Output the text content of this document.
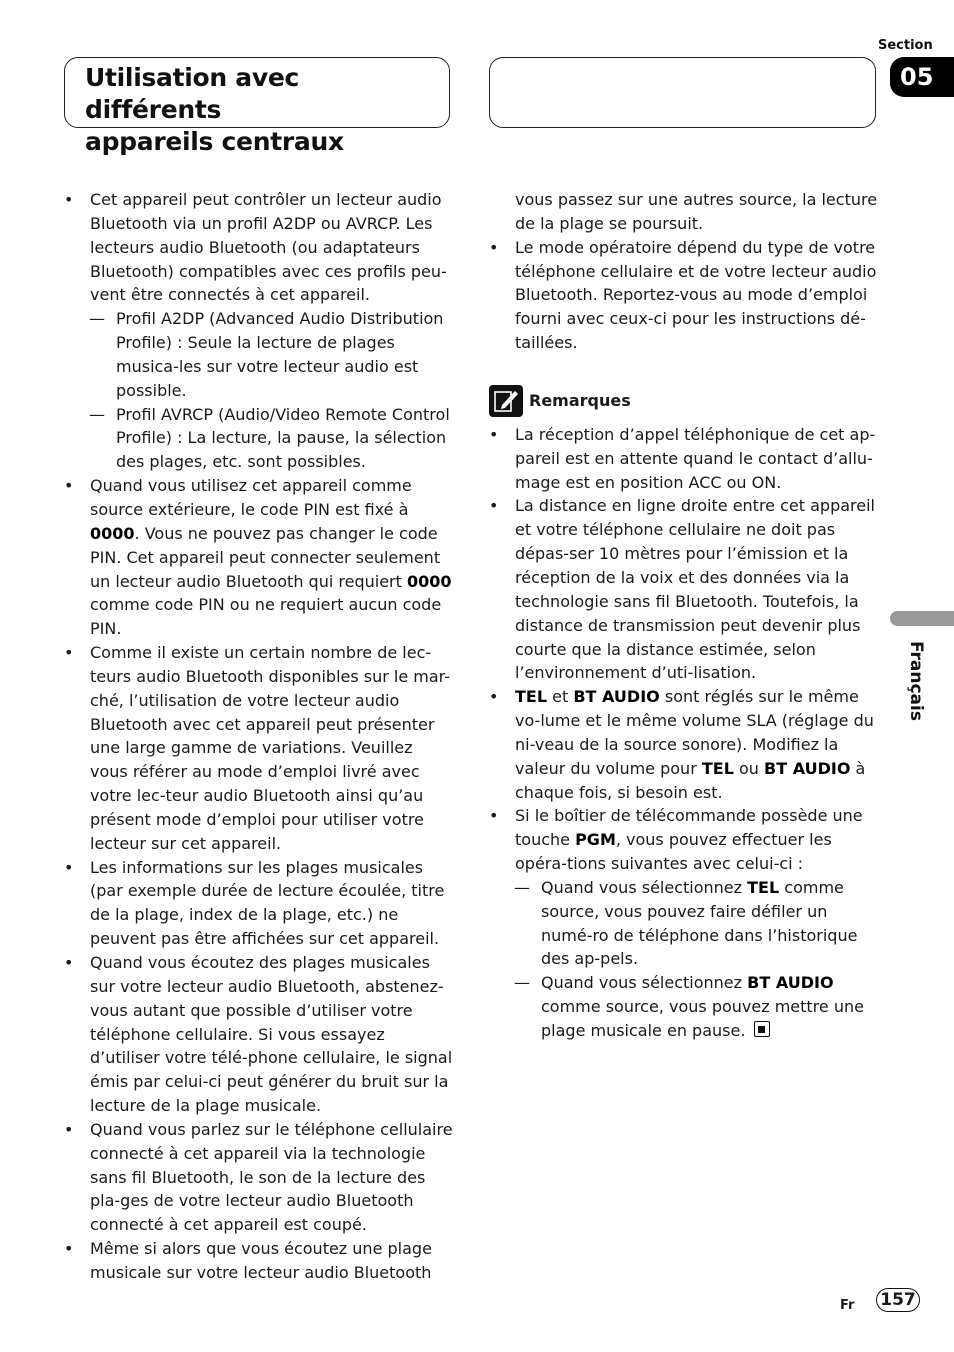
Utilisation avec différents
appareils centraux
Section
05
Français
• Cet appareil peut contrôler un lecteur audio Bluetooth via un profil A2DP ou AVRCP. Les lecteurs audio Bluetooth (ou adaptateurs Bluetooth) compatibles avec ces profils peu-vent être connectés à cet appareil.
— Profil A2DP (Advanced Audio Distribution Profile) : Seule la lecture de plages musica-les sur votre lecteur audio est possible.
— Profil AVRCP (Audio/Video Remote Control Profile) : La lecture, la pause, la sélection des plages, etc. sont possibles.
• Quand vous utilisez cet appareil comme source extérieure, le code PIN est fixé à 0000. Vous ne pouvez pas changer le code PIN. Cet appareil peut connecter seulement un lecteur audio Bluetooth qui requiert 0000 comme code PIN ou ne requiert aucun code PIN.
• Comme il existe un certain nombre de lec-teurs audio Bluetooth disponibles sur le mar-ché, l’utilisation de votre lecteur audio Bluetooth avec cet appareil peut présenter une large gamme de variations. Veuillez vous référer au mode d’emploi livré avec votre lec-teur audio Bluetooth ainsi qu’au présent mode d’emploi pour utiliser votre lecteur sur cet appareil.
• Les informations sur les plages musicales (par exemple durée de lecture écoulée, titre de la plage, index de la plage, etc.) ne peuvent pas être affichées sur cet appareil.
• Quand vous écoutez des plages musicales sur votre lecteur audio Bluetooth, abstenez-vous autant que possible d’utiliser votre téléphone cellulaire. Si vous essayez d’utiliser votre télé-phone cellulaire, le signal émis par celui-ci peut générer du bruit sur la lecture de la plage musicale.
• Quand vous parlez sur le téléphone cellulaire connecté à cet appareil via la technologie sans fil Bluetooth, le son de la lecture des pla-ges de votre lecteur audio Bluetooth connecté à cet appareil est coupé.
• Même si alors que vous écoutez une plage musicale sur votre lecteur audio Bluetooth
vous passez sur une autres source, la lecture de la plage se poursuit.
• Le mode opératoire dépend du type de votre téléphone cellulaire et de votre lecteur audio Bluetooth. Reportez-vous au mode d’emploi fourni avec ceux-ci pour les instructions dé-taillées.
Remarques
• La réception d’appel téléphonique de cet ap-pareil est en attente quand le contact d’allu-mage est en position ACC ou ON.
• La distance en ligne droite entre cet appareil et votre téléphone cellulaire ne doit pas dépas-ser 10 mètres pour l’émission et la réception de la voix et des données via la technologie sans fil Bluetooth. Toutefois, la distance de transmission peut devenir plus courte que la distance estimée, selon l’environnement d’uti-lisation.
• TEL et BT AUDIO sont réglés sur le même vo-lume et le même volume SLA (réglage du ni-veau de la source sonore). Modifiez la valeur du volume pour TEL ou BT AUDIO à chaque fois, si besoin est.
• Si le boîtier de télécommande possède une touche PGM, vous pouvez effectuer les opéra-tions suivantes avec celui-ci :
— Quand vous sélectionnez TEL comme source, vous pouvez faire défiler un numé-ro de téléphone dans l’historique des ap-pels.
— Quand vous sélectionnez BT AUDIO comme source, vous pouvez mettre une plage musicale en pause.
Fr 157
